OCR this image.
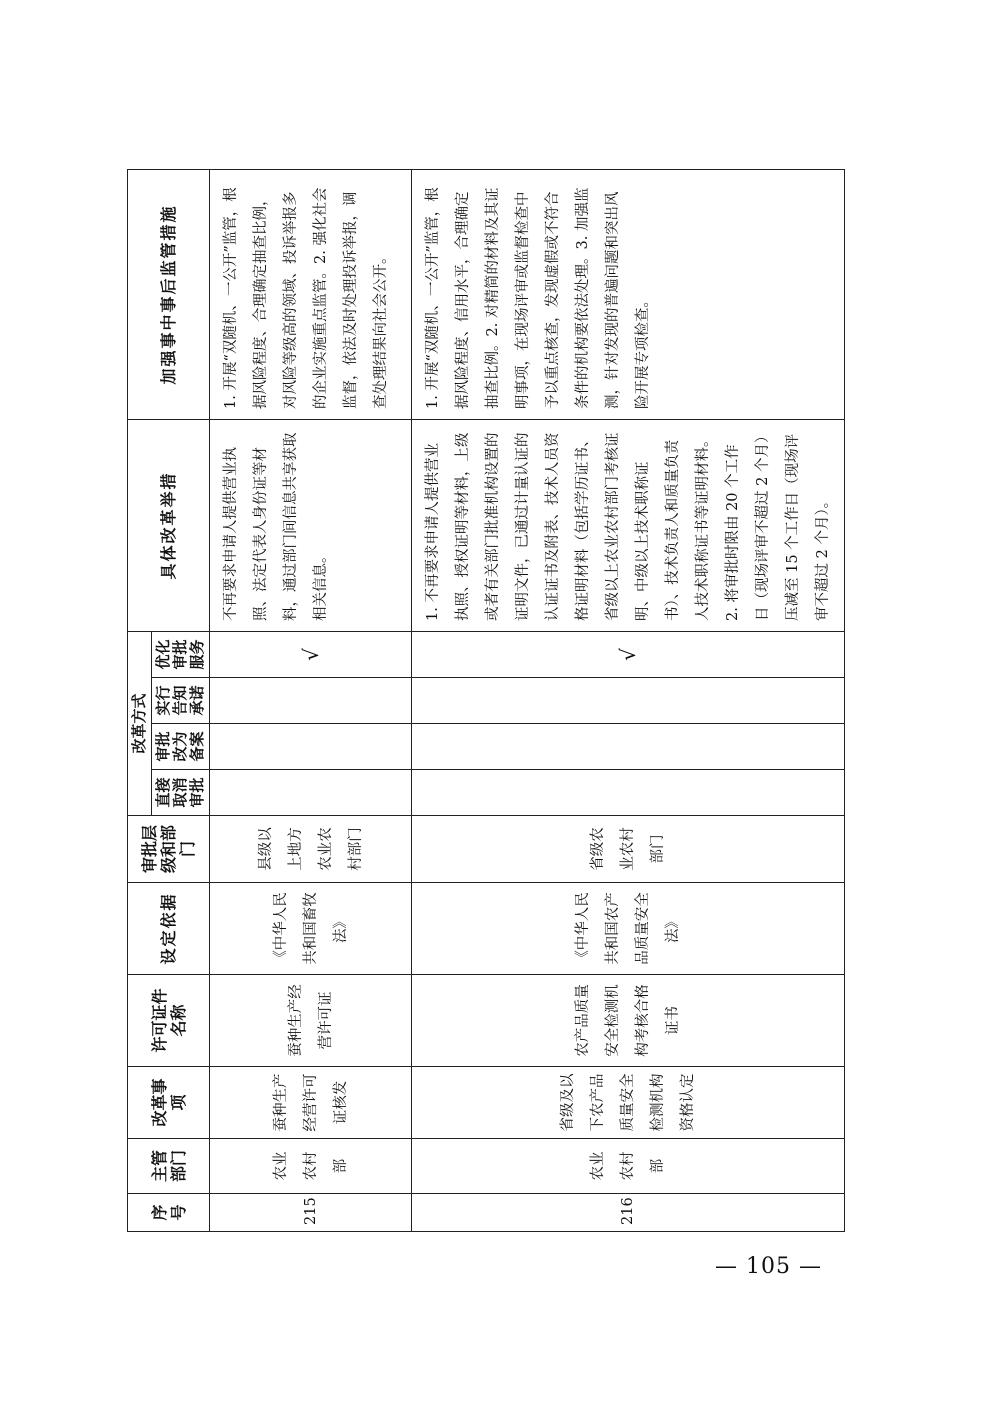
序号	主管部门	改革事项	许可证件名称	设定依据	审批层级和部门	改革方式				具体改革举措	加强事中事后监管措施
						直接取消审批	审批改为备案	实行告知承诺	优化审批服务		
215	农业农村部	蚕种生产经营许可证核发	蚕种生产经营许可证	《中华人民共和国畜牧法》	县级以上地方农业农村部门				√	不再要求申请人提供营业执照、法定代表人身份证等材料，通过部门间信息共享获取相关信息。	1. 开展“双随机、一公开”监管，根据风险程度、合理确定抽查比例，对风险等级高的领域、投诉举报多的企业实施重点监管。2. 强化社会监督，依法及时处理投诉举报，调查处理结果向社会公开。
216	农业农村部	省级及以下农产品质量安全检测机构资格认定	农产品质量安全检测机构考核合格证书	《中华人民共和国农产品质量安全法》	省级农业农村部门				√	1. 不再要求申请人提供营业执照、授权证明等材料，上级或者有关部门批准机构设置的证明文件，已通过计量认证的认证证书及附表、技术人员资格证明材料（包括学历证书、省级以上农业农村部门考核证明、中级以上技术职称证书）、技术负责人和质量负责人技术职称证书等证明材料。2. 将审批时限由 20 个工作日（现场评审不超过 2 个月）压减至 15 个工作日（现场评审不超过 2 个月）。	1. 开展“双随机、一公开”监管，根据风险程度、信用水平，合理确定抽查比例。2. 对精简的材料及其证明事项，在现场评审或监督检查中予以重点核查，发现虚假或不符合条件的机构要依法处理。3. 加强监测，针对发现的普遍问题和突出风险开展专项检查。
— 105 —
